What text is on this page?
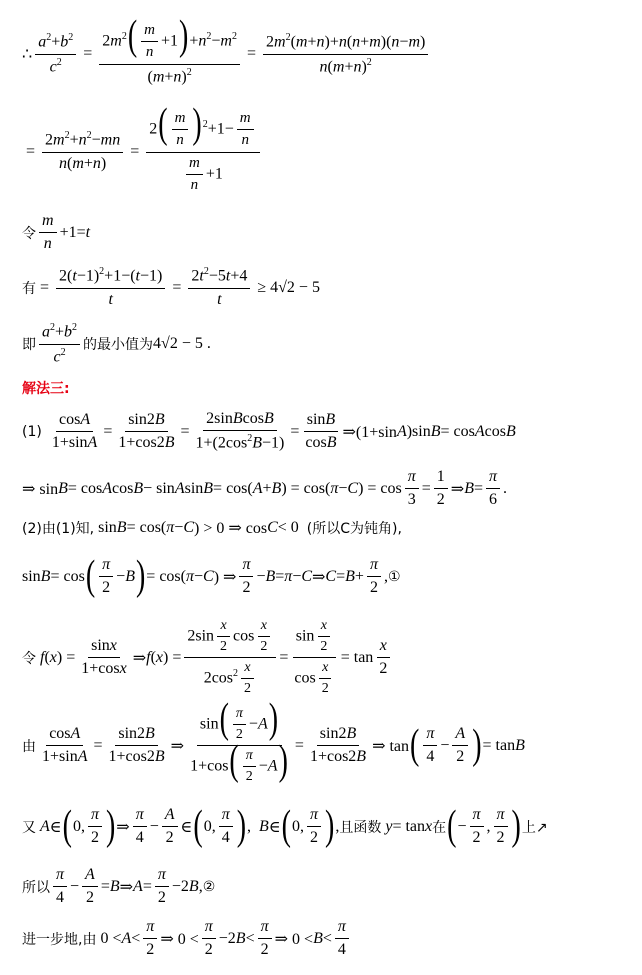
∴ $\frac{a^2+b^2}{c^2} = \frac{2m^2( \frac{m}{n} +1)+n^2-m^2}{(m+n)^2} = \frac{2m^2(m+n)+n(n+m)(n-m)}{n(m+n)^2}$
= $\frac{2m^2+n^2-mn}{n(m+n)} = \frac{2( \frac{m}{n} )^2+1- \frac{m}{n}}{\frac{m}{n} +1}$
令 $\frac{m}{n} +1= t$
有 = $\frac{2(t-1)^2+1-(t-1)}{t} = \frac{2t^2-5t+4}{t} \ge 4√2 - 5$
即 $\frac{a^2+b^2}{c^2}$ 的最小值为 4√2 − 5 .
解法三:
(1)
$\frac{\cos A}{1+\sin A} = \frac{\sin 2B}{1+\cos 2B} = \frac{\text{2sinBcosB}}{1+(2\cos^2B-1)} = \frac{\sin B}{\cos B}$ ⇒(1+sin A )sin B = cos A cos B
⇒ sin B = cos A cos B − sin A sin B = cos( A + B ) = cos( π − C ) = $\cos \frac{\pi}{3} = \frac{1}{2}$ ⇒ $B = \frac{\pi}{6}$ .
(2)由(1)知, sin B = cos( π − C ) > 0 ⇒ cos C < 0 (所以C为钝角),
sin B = cos ( $\frac{\pi}{2} - B$ ) = cos( π − C ) ⇒ $\frac{\pi}{2} - B = \pi - C$ ⇒ $C = B + \frac{\pi}{2}$ , ①
令
f ( x ) = $\frac{\sin x}{1+\cos x}$ ⇒ f ( x ) = $\frac{2\sin \frac{x}{2} \cos \frac{x}{2}}{2\cos^2 \frac{x}{2}} = \frac{\sin \frac{x}{2}}{\cos \frac{x}{2}} = \tan \frac{x}{2}$
由 $\frac{\cos A}{1+\sin A} = \frac{\sin 2B}{1+\cos 2B}$ ⇒ $\frac{\sin( \frac{\pi}{2} -A)}{1+\cos( \frac{\pi}{2} -A)} = \frac{\sin 2B}{1+\cos 2B}$ ⇒ tan ( $\frac{\pi}{4} - \frac{A}{2}$ ) = tan B
又
A ∈ ( 0, $\frac{\pi}{2}$ ) ⇒ $\frac{\pi}{4} - \frac{A}{2}$ ∈ ( 0, $\frac{\pi}{4}$ ) , B ∈ ( 0, $\frac{\pi}{2}$ ) , 且函数
y = tan x 在 ( − $\frac{\pi}{2}$ , $\frac{\pi}{2}$ ) 上↗
所以 $\frac{\pi}{4} - \frac{A}{2} = B$ ⇒ $A = \frac{\pi}{2} -2$ B , ②
进一步地,由 $0 < A < \frac{\pi}{2}$ ⇒ $0 < \frac{\pi}{2} -2$ $B < \frac{\pi}{2}$ ⇒ $0 < B < \frac{\pi}{4}$
